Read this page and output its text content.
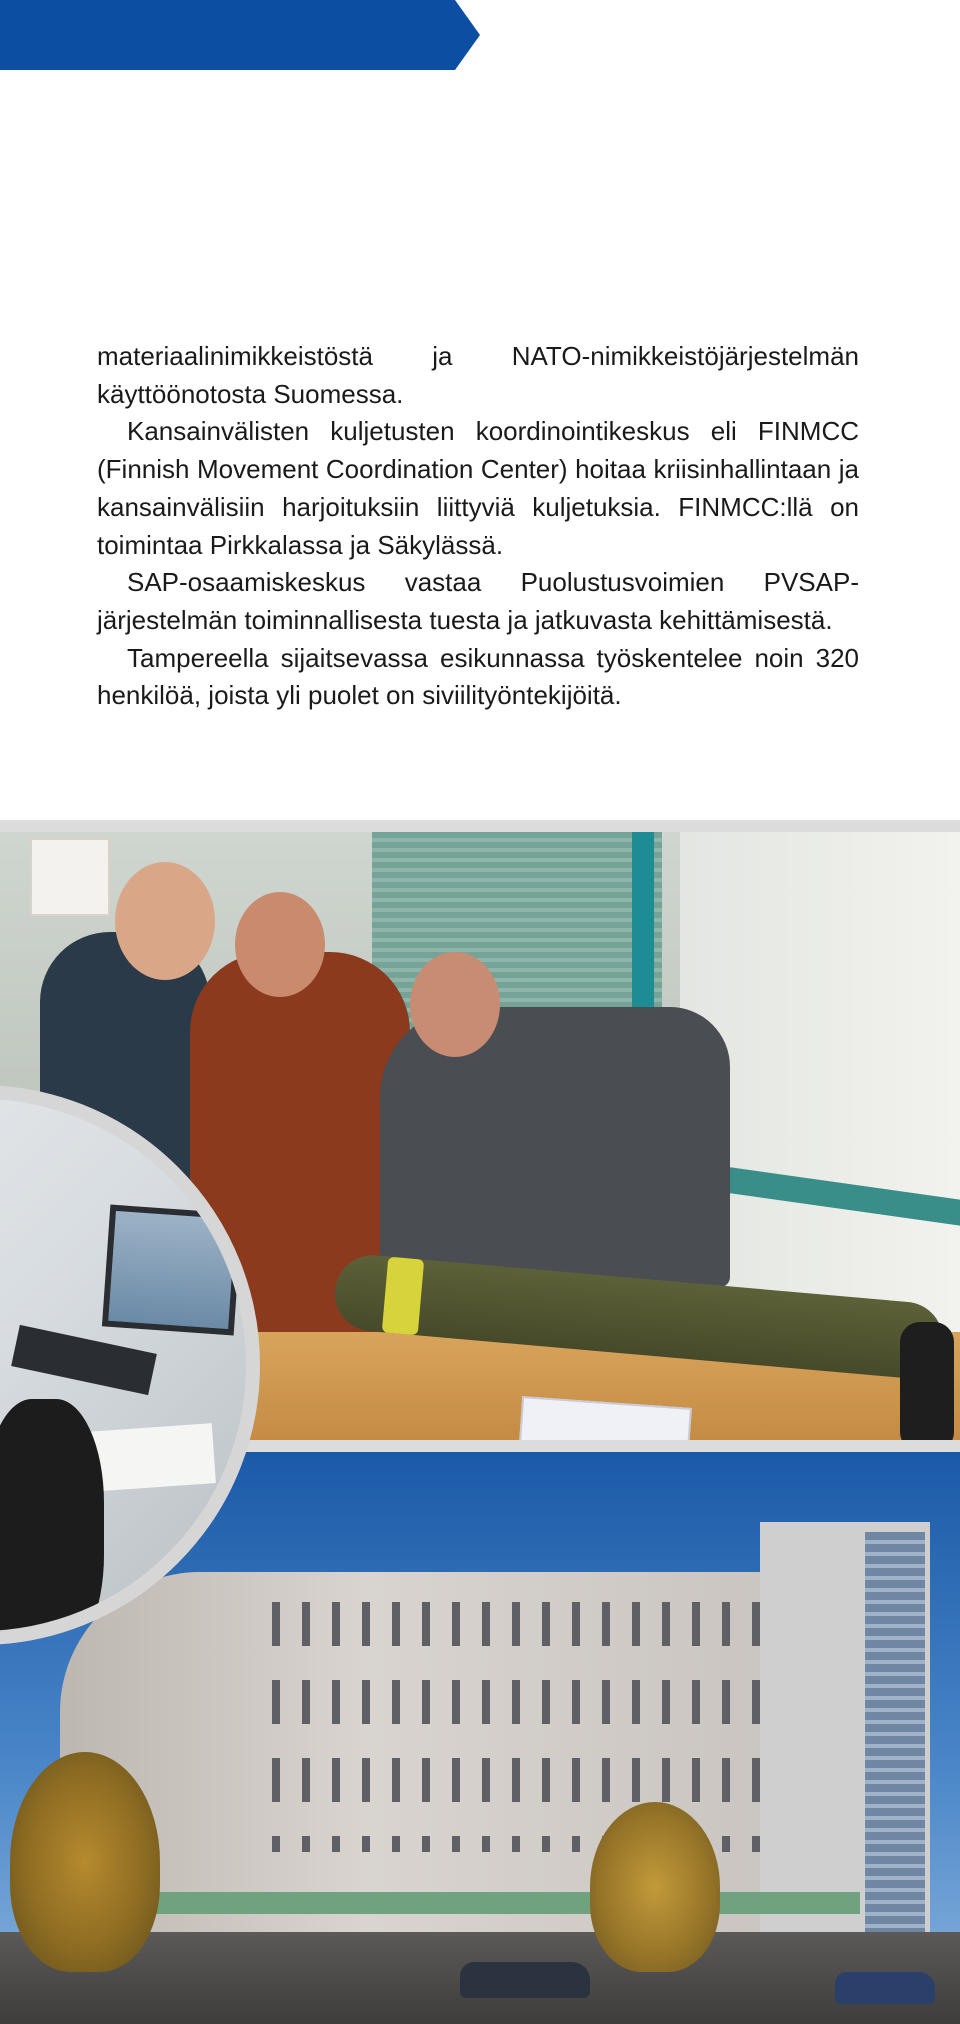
materiaalinimikkeistöstä ja NATO-nimikkeistöjärjestelmän käyttöönotosta Suomessa.

Kansainvälisten kuljetusten koordinointikeskus eli FINMCC (Finnish Movement Coordination Center) hoitaa kriisinhallintaan ja kansainvälisiin harjoituksiin liittyviä kuljetuksia. FINMCC:llä on toimintaa Pirkkalassa ja Säkylässä.

SAP-osaamiskeskus vastaa Puolustusvoimien PVSAP-järjestelmän toiminnallisesta tuesta ja jatkuvasta kehittämisestä.

Tampereella sijaitsevassa esikunnassa työskentelee noin 320 henkilöä, joista yli puolet on siviilityöntekijöitä.
